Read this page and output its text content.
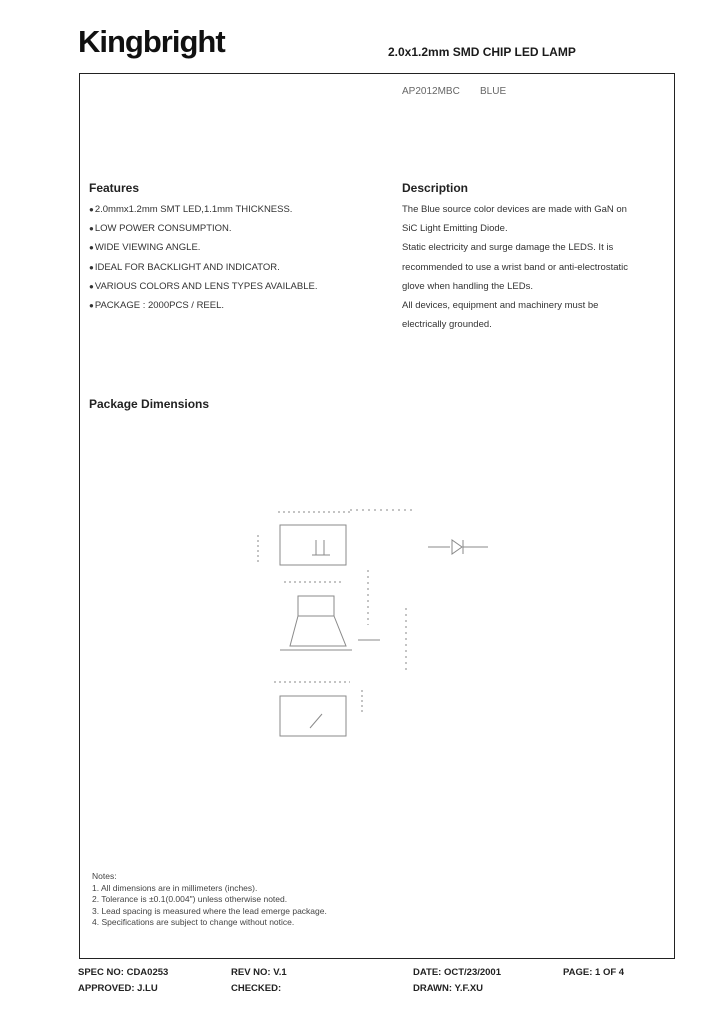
Kingbright	2.0x1.2mm SMD CHIP LED LAMP
AP2012MBC BLUE
Features
●2.0mmx1.2mm SMT LED,1.1mm THICKNESS.
●LOW POWER CONSUMPTION.
●WIDE VIEWING ANGLE.
●IDEAL FOR BACKLIGHT AND INDICATOR.
●VARIOUS COLORS AND LENS TYPES AVAILABLE.
●PACKAGE : 2000PCS / REEL.
Description
The Blue source color devices are made with GaN on
SiC Light Emitting Diode.
Static electricity and surge damage the LEDS. It is
recommended to use a wrist band or anti-electrostatic
glove when handling the LEDs.
All devices, equipment and machinery must be
electrically grounded.
Package Dimensions
Notes:
1. All dimensions are in millimeters (inches).
2. Tolerance is ±0.1(0.004") unless otherwise noted.
3. Lead spacing is measured where the lead emerge package.
4. Specifications are subject to change without notice.
SPEC NO: CDA0253	REV NO: V.1	DATE: OCT/23/2001	PAGE: 1 OF 4
APPROVED: J.LU	CHECKED:	DRAWN: Y.F.XU
